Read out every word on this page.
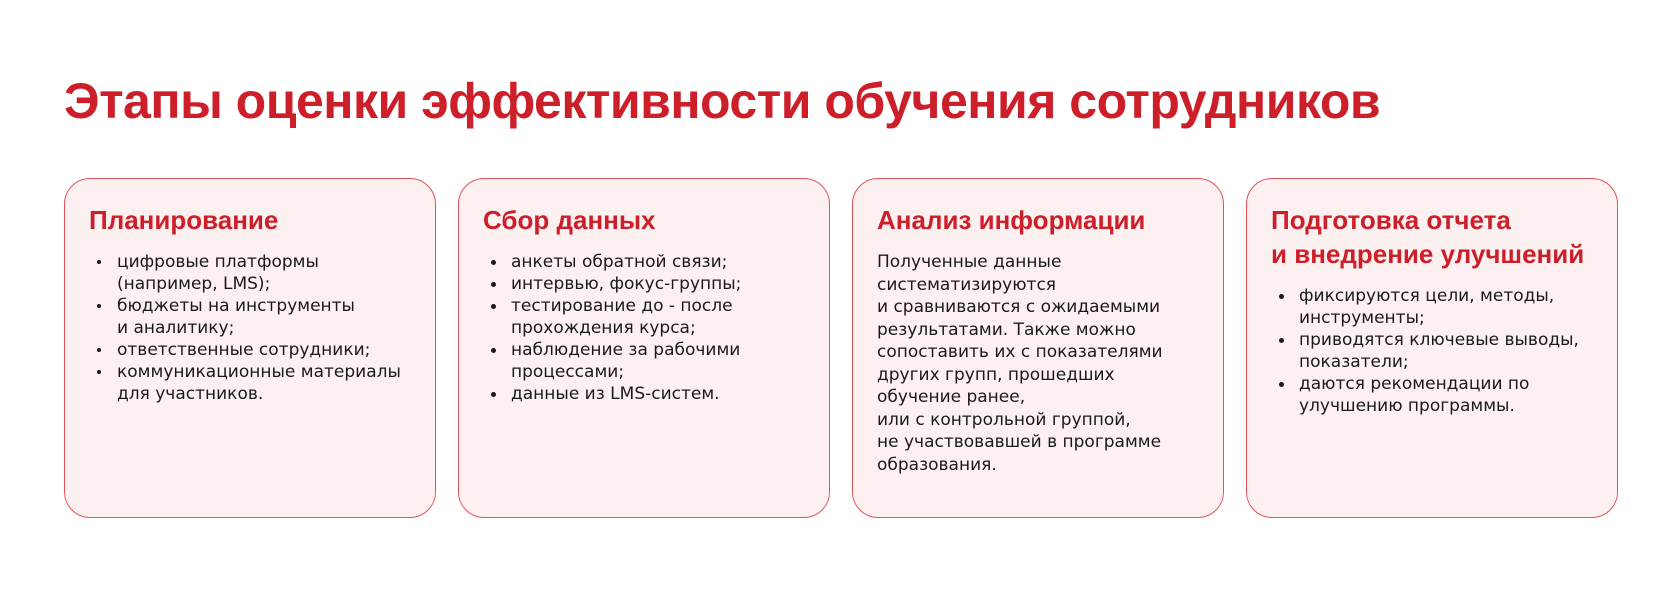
Этапы оценки эффективности обучения сотрудников
Планирование
цифровые платформы
(например, LMS);
бюджеты на инструменты
и аналитику;
ответственные сотрудники;
коммуникационные материалы
для участников.
Сбор данных
анкеты обратной связи;
интервью, фокус-группы;
тестирование до - после
прохождения курса;
наблюдение за рабочими
процессами;
данные из LMS-систем.
Анализ информации

Полученные данные
систематизируются
и сравниваются с ожидаемыми
результатами. Также можно
сопоставить их с показателями
других групп, прошедших
обучение ранее,
или с контрольной группой,
не участвовавшей в программе
образования.

Подготовка отчета
и внедрение улучшений
фиксируются цели, методы,
инструменты;
приводятся ключевые выводы,
показатели;
даются рекомендации по
улучшению программы.
